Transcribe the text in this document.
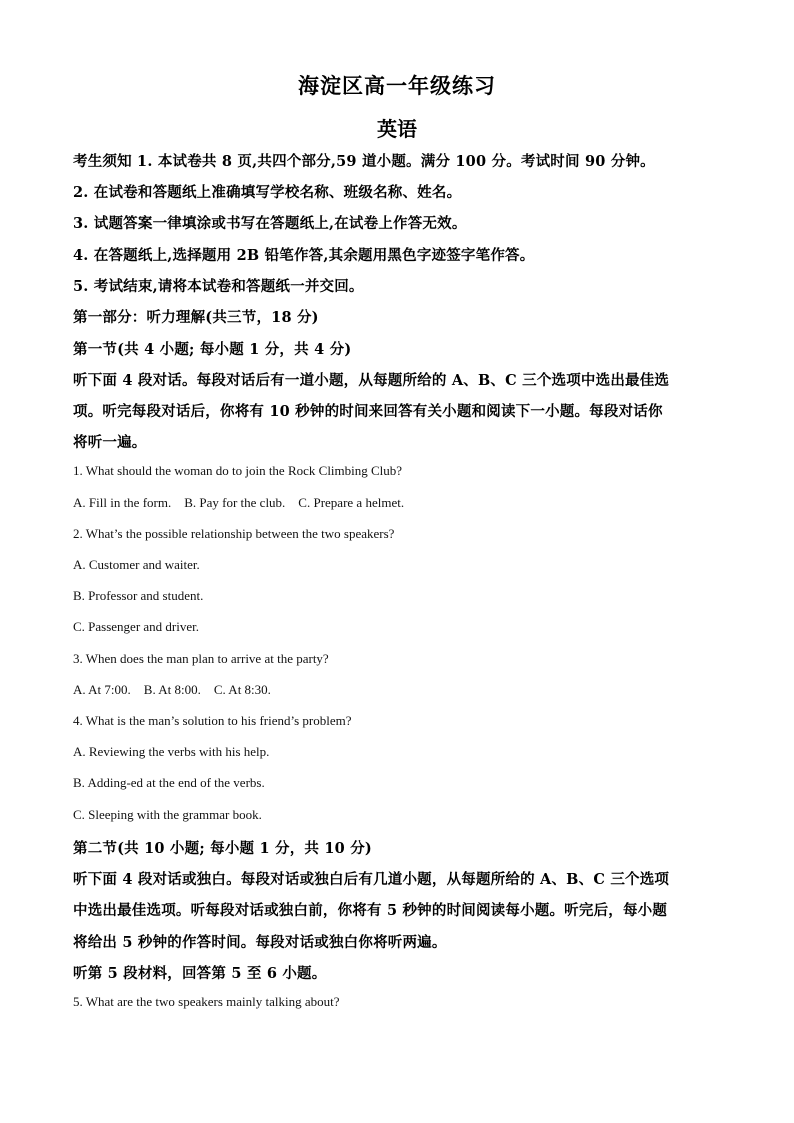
海淀区高一年级练习
英语
考生须知 1. 本试卷共 8 页,共四个部分,59 道小题。满分 100 分。考试时间 90 分钟。
2. 在试卷和答题纸上准确填写学校名称、班级名称、姓名。
3. 试题答案一律填涂或书写在答题纸上,在试卷上作答无效。
4. 在答题纸上,选择题用 2B 铅笔作答,其余题用黑色字迹签字笔作答。
5. 考试结束,请将本试卷和答题纸一并交回。
第一部分：听力理解(共三节，18 分)
第一节(共 4 小题; 每小题 1 分，共 4 分)
听下面 4 段对话。每段对话后有一道小题，从每题所给的 A、B、C 三个选项中选出最佳选
项。听完每段对话后，你将有 10 秒钟的时间来回答有关小题和阅读下一小题。每段对话你
将听一遍。
1. What should the woman do to join the Rock Climbing Club?
A. Fill in the form.    B. Pay for the club.    C. Prepare a helmet.
2. What’s the possible relationship between the two speakers?
A. Customer and waiter.
B. Professor and student.
C. Passenger and driver.
3. When does the man plan to arrive at the party?
A. At 7:00.    B. At 8:00.    C. At 8:30.
4. What is the man’s solution to his friend’s problem?
A. Reviewing the verbs with his help.
B. Adding-ed at the end of the verbs.
C. Sleeping with the grammar book.
第二节(共 10 小题; 每小题 1 分，共 10 分)
听下面 4 段对话或独白。每段对话或独白后有几道小题，从每题所给的 A、B、C 三个选项
中选出最佳选项。听每段对话或独白前，你将有 5 秒钟的时间阅读每小题。听完后，每小题
将给出 5 秒钟的作答时间。每段对话或独白你将听两遍。
听第 5 段材料，回答第 5 至 6 小题。
5. What are the two speakers mainly talking about?
